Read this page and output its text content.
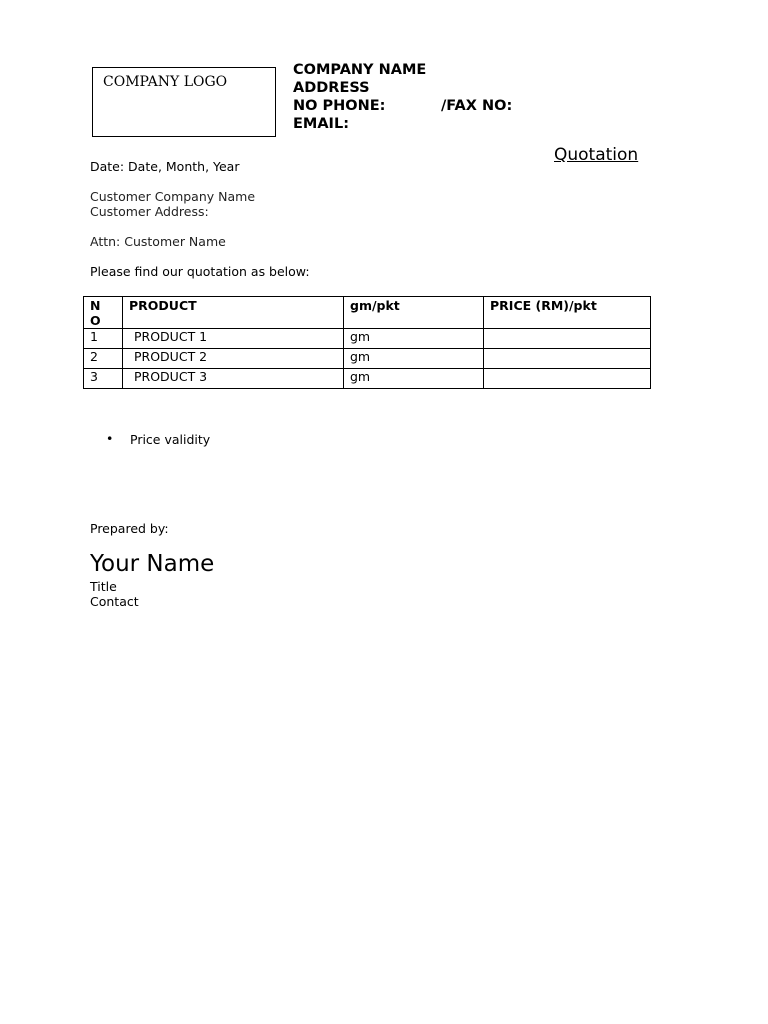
COMPANY LOGO
COMPANY NAME
ADDRESS
NO PHONE:	/FAX NO:
EMAIL:
Quotation
Date: Date, Month, Year
Customer Company Name
Customer Address:
Attn: Customer Name
Please find our quotation as below:
N
O	PRODUCT	gm/pkt	PRICE (RM)/pkt
1	PRODUCT 1	gm	
2	PRODUCT 2	gm	
3	PRODUCT 3	gm	
• Price validity
Prepared by:
Your Name
Title
Contact
